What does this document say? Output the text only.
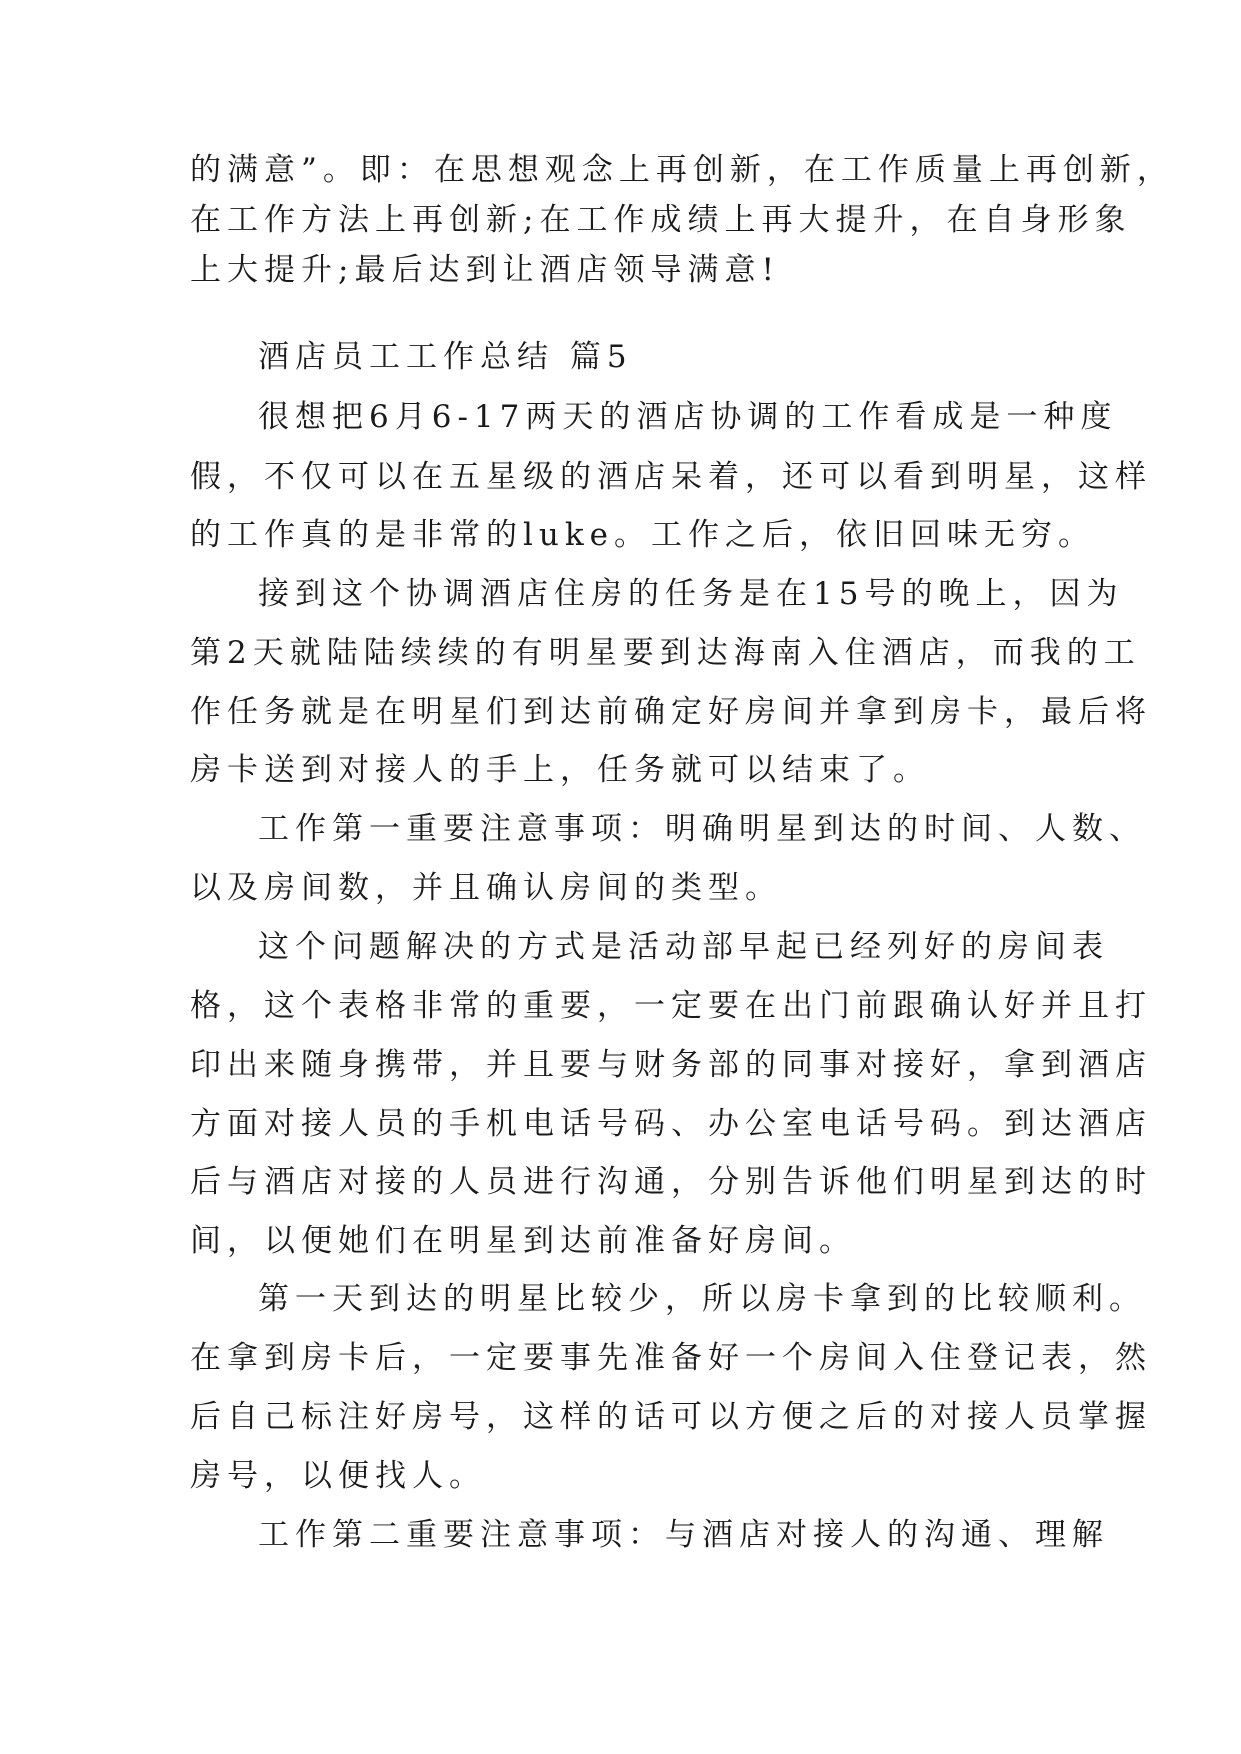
的满意”。即：在思想观念上再创新，在工作质量上再创新，
在工作方法上再创新;在工作成绩上再大提升，在自身形象
上大提升;最后达到让酒店领导满意!
酒店员工工作总结 篇5
很想把6月6-17两天的酒店协调的工作看成是一种度
假，不仅可以在五星级的酒店呆着，还可以看到明星，这样
的工作真的是非常的luke。工作之后，依旧回味无穷。
接到这个协调酒店住房的任务是在15号的晚上，因为
第2天就陆陆续续的有明星要到达海南入住酒店，而我的工
作任务就是在明星们到达前确定好房间并拿到房卡，最后将
房卡送到对接人的手上，任务就可以结束了。
工作第一重要注意事项：明确明星到达的时间、人数、
以及房间数，并且确认房间的类型。
这个问题解决的方式是活动部早起已经列好的房间表
格，这个表格非常的重要，一定要在出门前跟确认好并且打
印出来随身携带，并且要与财务部的同事对接好，拿到酒店
方面对接人员的手机电话号码、办公室电话号码。到达酒店
后与酒店对接的人员进行沟通，分别告诉他们明星到达的时
间，以便她们在明星到达前准备好房间。
第一天到达的明星比较少，所以房卡拿到的比较顺利。
在拿到房卡后，一定要事先准备好一个房间入住登记表，然
后自己标注好房号，这样的话可以方便之后的对接人员掌握
房号，以便找人。
工作第二重要注意事项：与酒店对接人的沟通、理解
